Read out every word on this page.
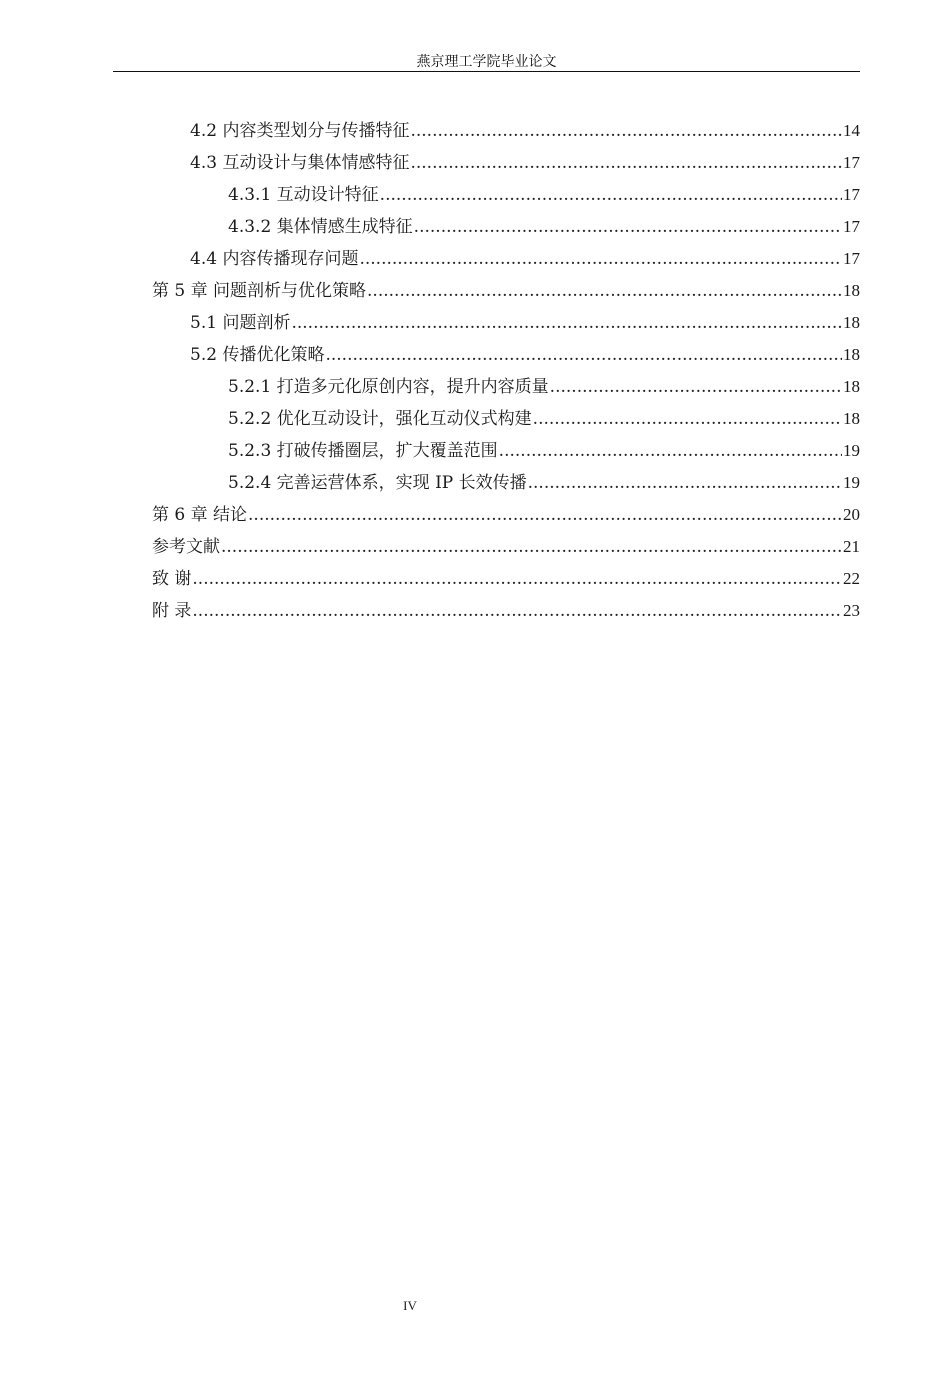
燕京理工学院毕业论文
4.2 内容类型划分与传播特征 .....	14
4.3 互动设计与集体情感特征 .....	17
4.3.1 互动设计特征 .....	17
4.3.2 集体情感生成特征 .....	17
4.4 内容传播现存问题 .....	17
第 5 章 问题剖析与优化策略 .....	18
5.1 问题剖析 .....	18
5.2 传播优化策略 .....	18
5.2.1 打造多元化原创内容，提升内容质量 .....	18
5.2.2 优化互动设计，强化互动仪式构建 .....	18
5.2.3 打破传播圈层，扩大覆盖范围 .....	19
5.2.4 完善运营体系，实现 IP 长效传播 .....	19
第 6 章 结论 .....	20
参考文献 .....	21
致 谢 .....	22
附 录 .....	23
IV
